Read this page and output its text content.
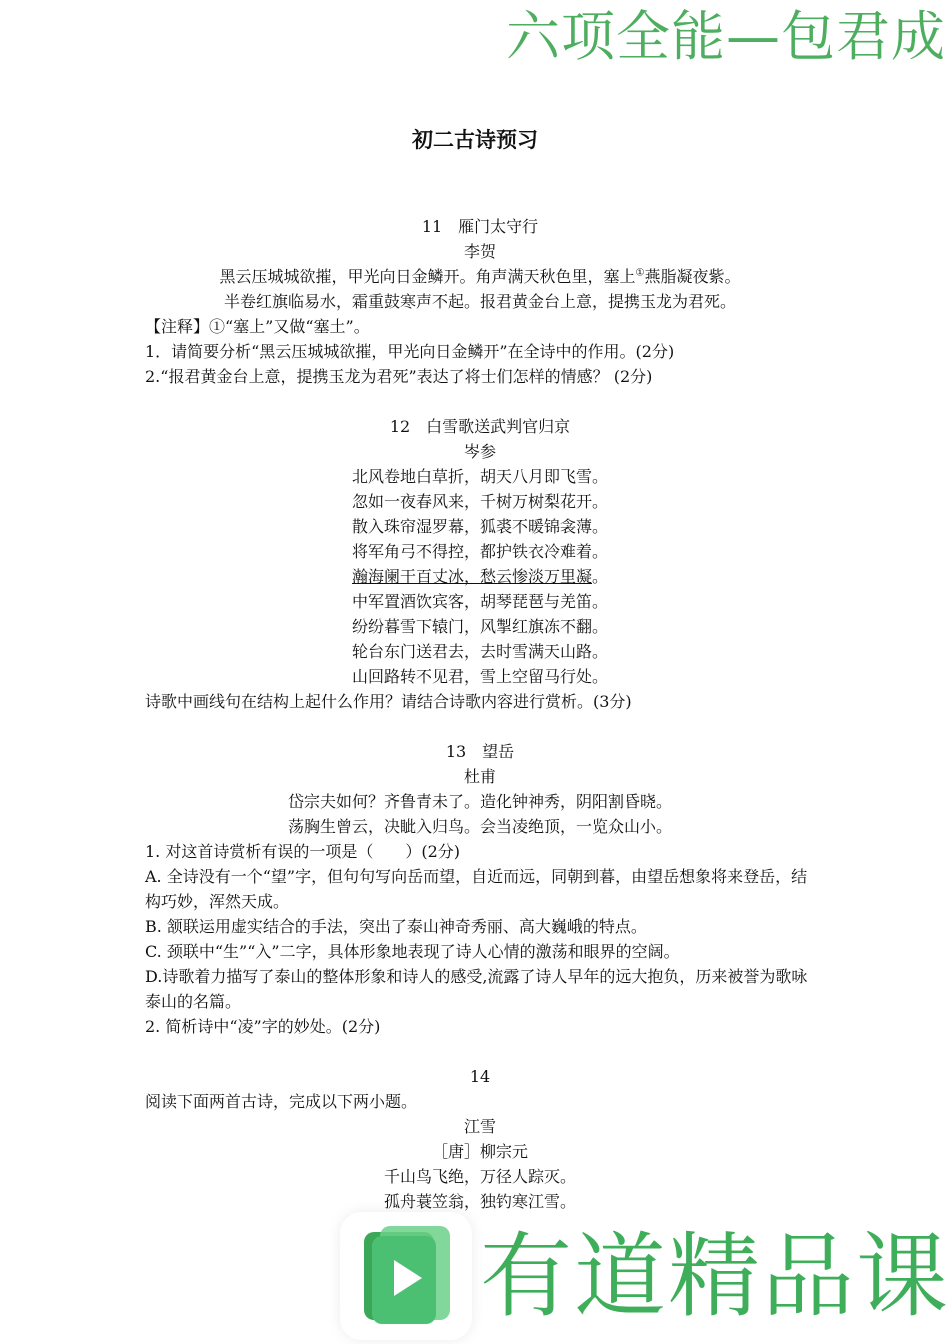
六项全能—包君成
初二古诗预习
11 雁门太守行
李贺
黑云压城城欲摧，甲光向日金鳞开。角声满天秋色里，塞上①燕脂凝夜紫。
半卷红旗临易水，霜重鼓寒声不起。报君黄金台上意，提携玉龙为君死。
【注释】①“塞上”又做“塞土”。
1．请简要分析“黑云压城城欲摧，甲光向日金鳞开”在全诗中的作用。(2分)
2.“报君黄金台上意，提携玉龙为君死”表达了将士们怎样的情感？ (2分)
12 白雪歌送武判官归京
岑参
北风卷地白草折，胡天八月即飞雪。
忽如一夜春风来，千树万树梨花开。
散入珠帘湿罗幕，狐裘不暖锦衾薄。
将军角弓不得控，都护铁衣冷难着。
瀚海阑干百丈冰，愁云惨淡万里凝。
中军置酒饮宾客，胡琴琵琶与羌笛。
纷纷暮雪下辕门，风掣红旗冻不翻。
轮台东门送君去，去时雪满天山路。
山回路转不见君，雪上空留马行处。
诗歌中画线句在结构上起什么作用？请结合诗歌内容进行赏析。(3分)
13 望岳
杜甫
岱宗夫如何？齐鲁青未了。造化钟神秀，阴阳割昏晓。
荡胸生曾云，决眦入归鸟。会当凌绝顶，一览众山小。
1. 对这首诗赏析有误的一项是（　　）(2分)
A. 全诗没有一个“望”字，但句句写向岳而望，自近而远，同朝到暮，由望岳想象将来登岳，结构巧妙，浑然天成。
B. 颔联运用虚实结合的手法，突出了泰山神奇秀丽、高大巍峨的特点。
C. 颈联中“生”“入”二字，具体形象地表现了诗人心情的激荡和眼界的空阔。
D.诗歌着力描写了泰山的整体形象和诗人的感受,流露了诗人早年的远大抱负，历来被誉为歌咏泰山的名篇。
2. 简析诗中“凌”字的妙处。(2分)
14
阅读下面两首古诗，完成以下两小题。
江雪
［唐］柳宗元
千山鸟飞绝，万径人踪灭。
孤舟蓑笠翁，独钓寒江雪。
有道精品课
